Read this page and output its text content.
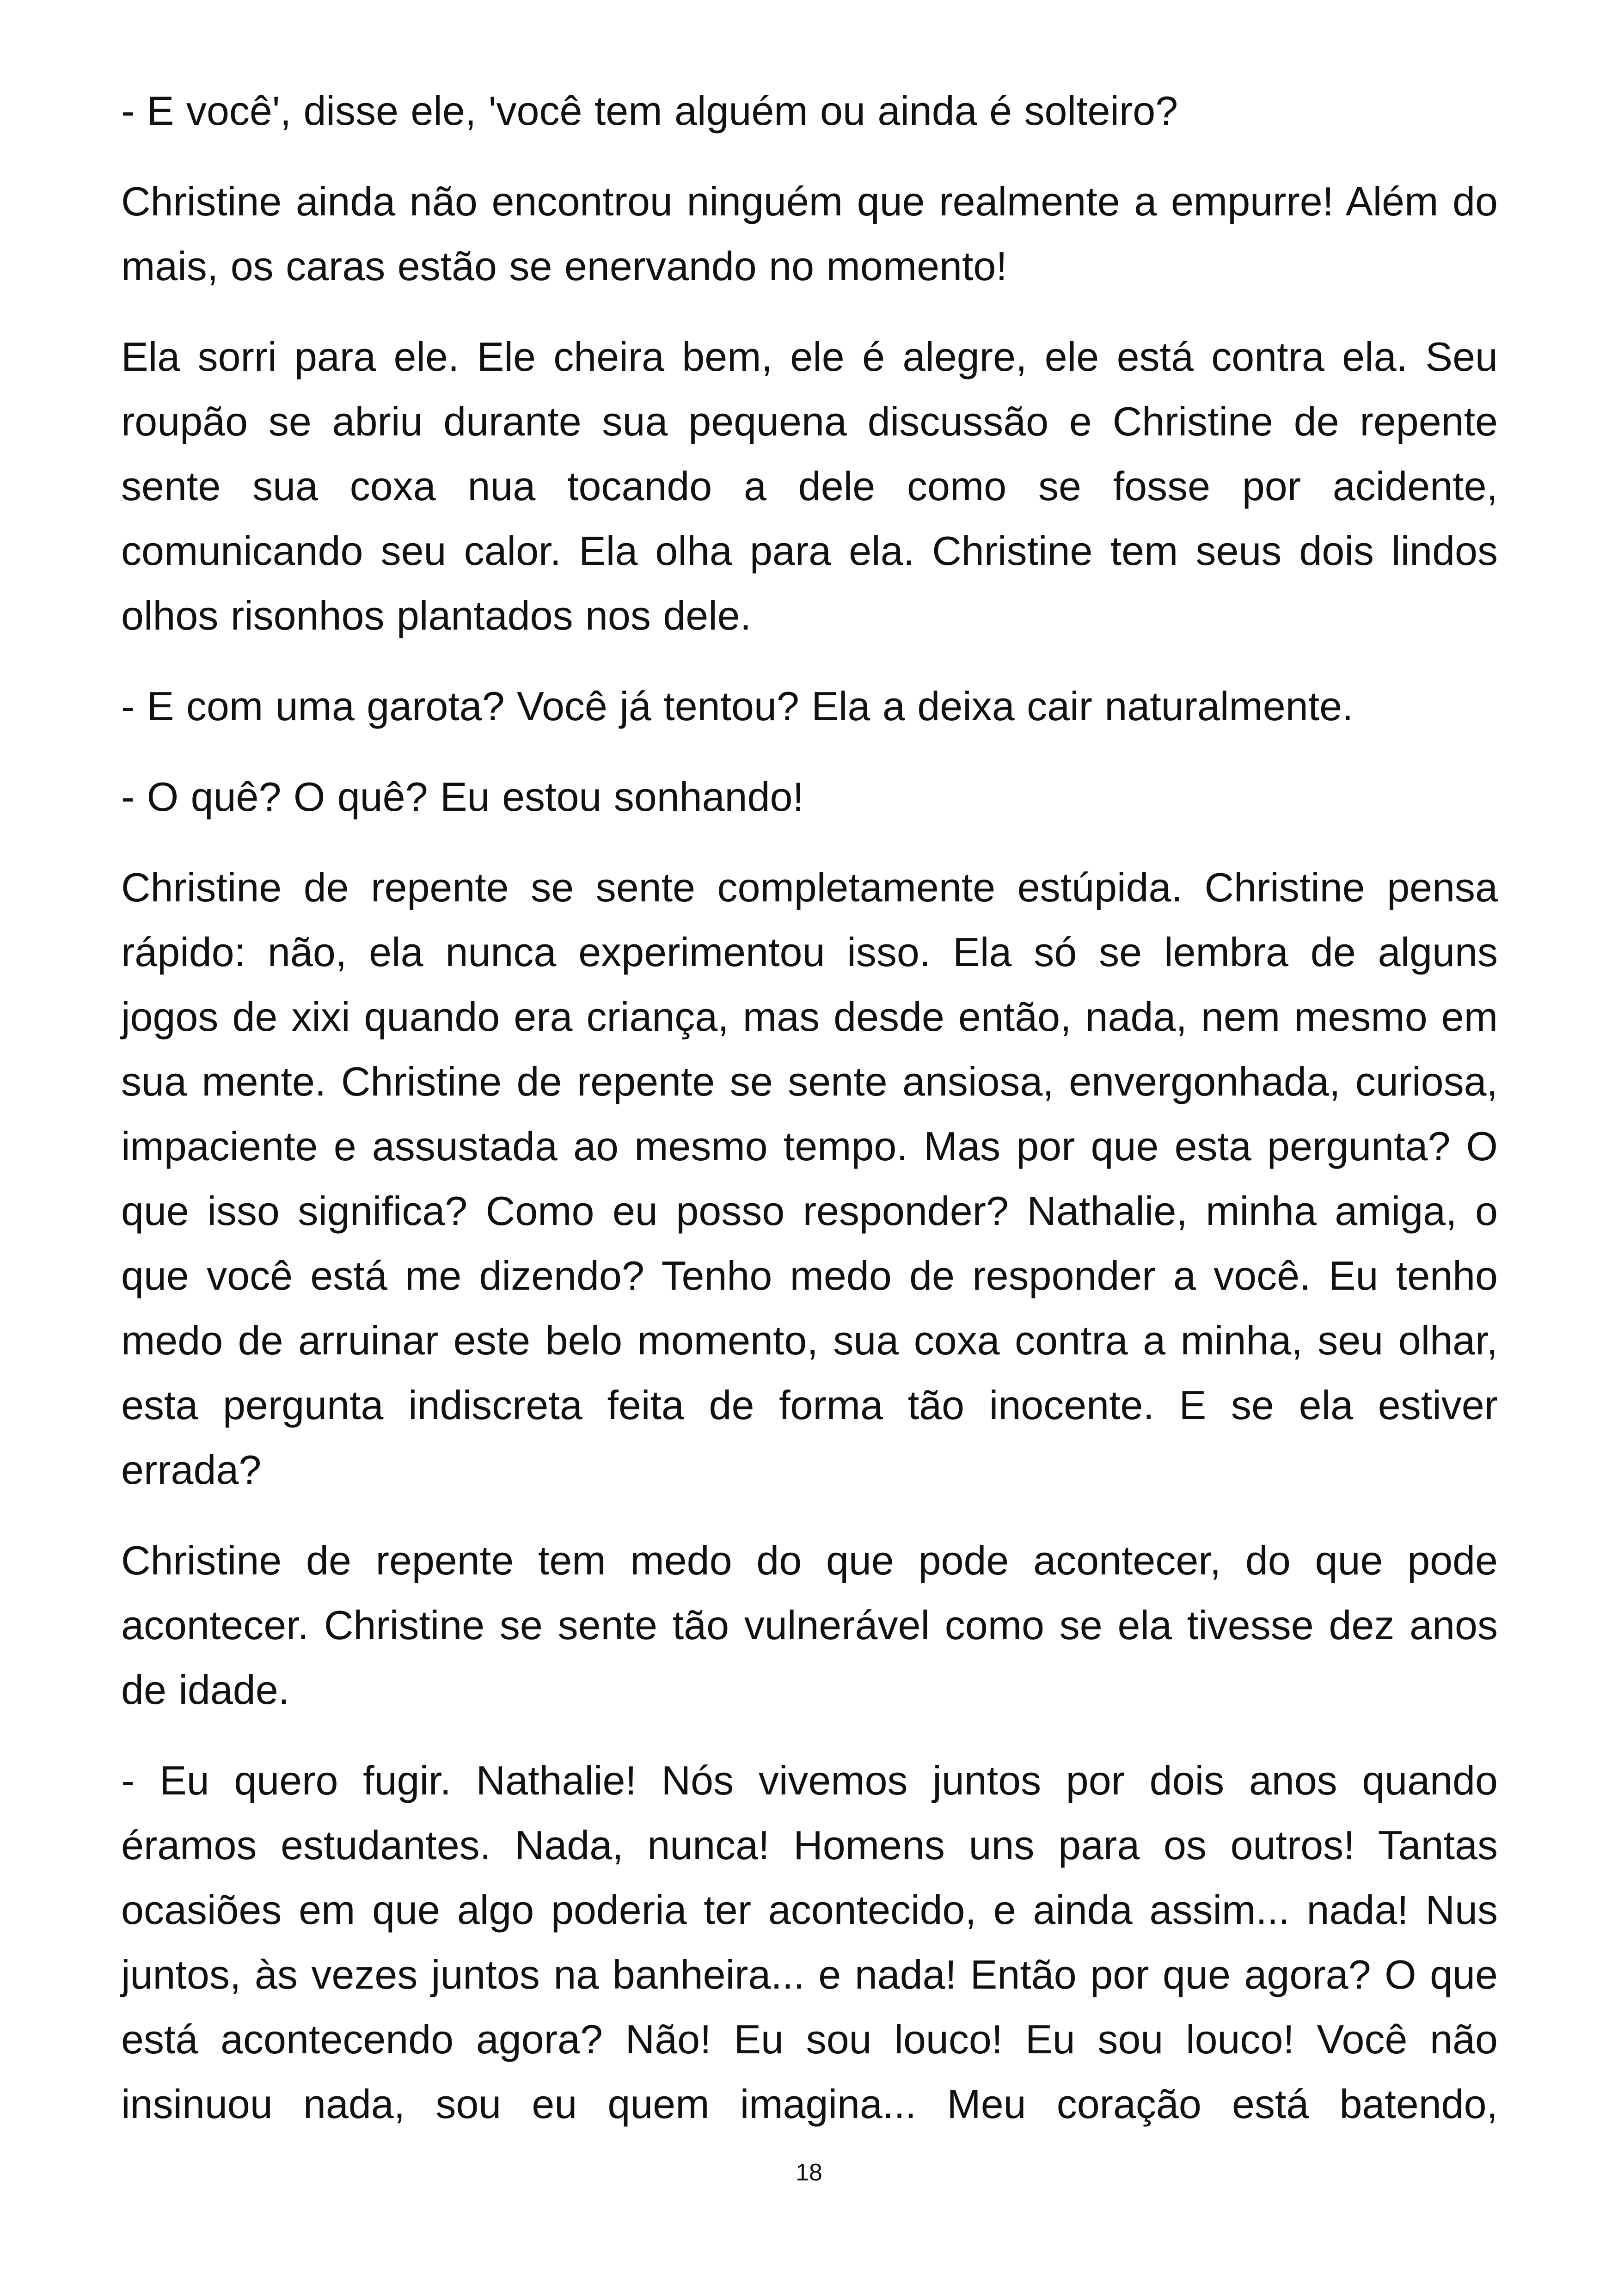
- E você', disse ele, 'você tem alguém ou ainda é solteiro?

Christine ainda não encontrou ninguém que realmente a empurre! Além do mais, os caras estão se enervando no momento!

Ela sorri para ele. Ele cheira bem, ele é alegre, ele está contra ela. Seu roupão se abriu durante sua pequena discussão e Christine de repente sente sua coxa nua tocando a dele como se fosse por acidente, comunicando seu calor. Ela olha para ela. Christine tem seus dois lindos olhos risonhos plantados nos dele.

- E com uma garota? Você já tentou? Ela a deixa cair naturalmente.

- O quê? O quê? Eu estou sonhando!

Christine de repente se sente completamente estúpida. Christine pensa rápido: não, ela nunca experimentou isso. Ela só se lembra de alguns jogos de xixi quando era criança, mas desde então, nada, nem mesmo em sua mente. Christine de repente se sente ansiosa, envergonhada, curiosa, impaciente e assustada ao mesmo tempo. Mas por que esta pergunta? O que isso significa? Como eu posso responder? Nathalie, minha amiga, o que você está me dizendo? Tenho medo de responder a você. Eu tenho medo de arruinar este belo momento, sua coxa contra a minha, seu olhar, esta pergunta indiscreta feita de forma tão inocente. E se ela estiver errada?

Christine de repente tem medo do que pode acontecer, do que pode acontecer. Christine se sente tão vulnerável como se ela tivesse dez anos de idade.

- Eu quero fugir. Nathalie! Nós vivemos juntos por dois anos quando éramos estudantes. Nada, nunca! Homens uns para os outros! Tantas ocasiões em que algo poderia ter acontecido, e ainda assim... nada! Nus juntos, às vezes juntos na banheira... e nada! Então por que agora? O que está acontecendo agora? Não! Eu sou louco! Eu sou louco! Você não insinuou nada, sou eu quem imagina... Meu coração está batendo,

18
